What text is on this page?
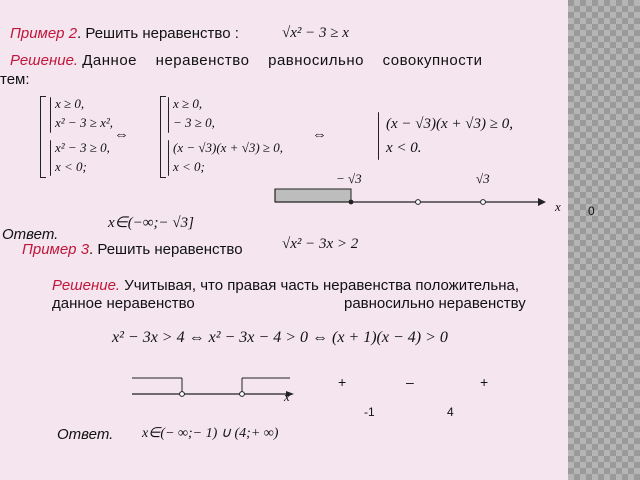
Пример 2. Решить неравенство :	√x² − 3 ≥ x
Решение. Данное неравенство равносильно совокупности
тем:
x ≥ 0,
x² − 3 ≥ x²,
x² − 3 ≥ 0,
x < 0;
⇔
x ≥ 0,
− 3 ≥ 0,
(x − √3)(x + √3) ≥ 0,
x < 0;
⇔
(x − √3)(x + √3) ≥ 0,
x < 0.
− √3	√3
x 0
x∈(−∞;− √3]
Ответ.
Пример 3. Решить неравенство	√x² − 3x > 2
Решение. Учитывая, что правая часть неравенства положительна,
данное неравенство	равносильно неравенству
x² − 3x > 4 ⇔ x² − 3x − 4 > 0 ⇔ (x + 1)(x − 4) > 0
x
+	–	+
-1	4
Ответ. x∈(− ∞;− 1) ∪ (4;+ ∞)
